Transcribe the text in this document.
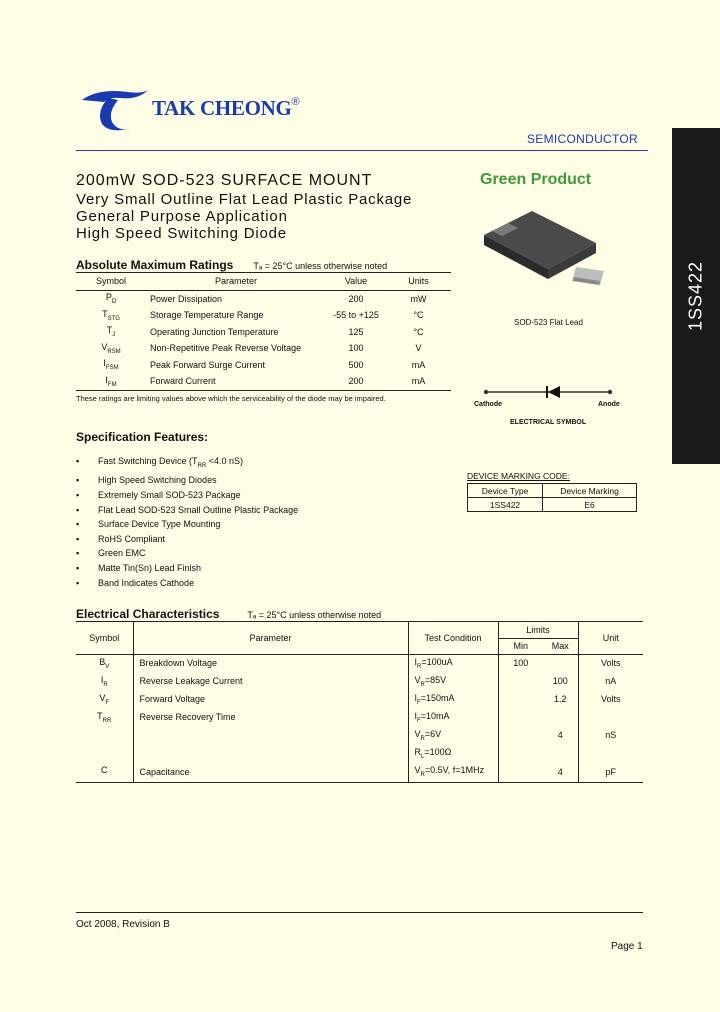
TAK CHEONG®
SEMICONDUCTOR
1SS422
200mW SOD-523 SURFACE MOUNT
Very Small Outline Flat Lead Plastic Package
General Purpose Application
High Speed Switching Diode
Green Product
SOD-523 Flat Lead
Cathode	Anode
ELECTRICAL SYMBOL
Absolute Maximum Ratings Tₐ = 25°C unless otherwise noted
Symbol	Parameter	Value	Units
$P_D$	Power Dissipation	200	mW
$T_{STG}$	Storage Temperature Range	-55 to +125	°C
$T_J$	Operating Junction Temperature	125	°C
$V_{RSM}$	Non-Repetitive Peak Reverse Voltage	100	V
$I_{FSM}$	Peak Forward Surge Current	500	mA
$I_{FM}$	Forward Current	200	mA
These ratings are limiting values above which the serviceability of the diode may be impaired.
Specification Features:
▪ Fast Switching Device ($T_{RR} <4.0$ nS)
▪ High Speed Switching Diodes
▪ Extremely Small SOD-523 Package
▪ Flat Lead SOD-523 Small Outline Plastic Package
▪ Surface Device Type Mounting
▪ RoHS Compliant
▪ Green EMC
▪ Matte Tin(Sn) Lead Finish
▪ Band Indicates Cathode
DEVICE MARKING CODE:
Device Type	Device Marking
1SS422	E6
Electrical Characteristics	Tₐ = 25°C unless otherwise noted
Symbol	Parameter	Test Condition	Limits		Unit
			Min	Max	
$B_V$	Breakdown Voltage	$I_R=100uA$	100		Volts
$I_R$	Reverse Leakage Current	$V_R=85V$		100	nA
$V_F$	Forward Voltage	$I_F=150mA$		1.2	Volts
$T_{RR}$	Reverse Recovery Time	$I_F=10mA$			
		$V_R=6V$		4	nS
		$R_L=100\Omega$			
C	Capacitance	$V_R=0.5V$, f=1MHz		4	pF
Oct 2008, Revision B
Page 1
